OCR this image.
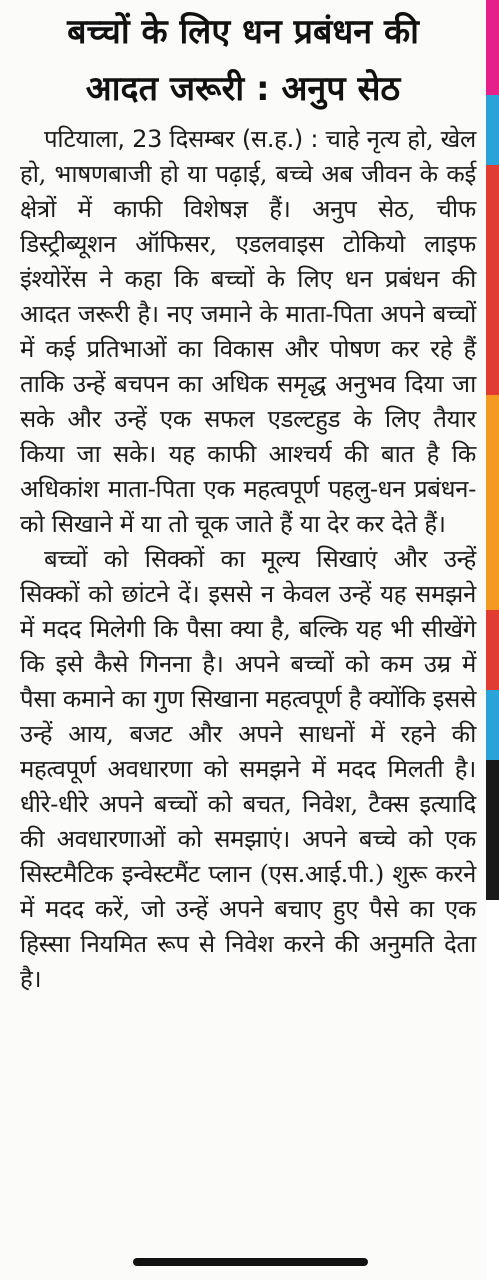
बच्चों के लिए धन प्रबंधन की
आदत जरूरी : अनुप सेठ

पटियाला, 23 दिसम्बर (स.ह.) : चाहे नृत्य हो, खेल हो, भाषणबाजी हो या पढ़ाई, बच्चे अब जीवन के कई क्षेत्रों में काफी विशेषज्ञ हैं। अनुप सेठ, चीफ डिस्ट्रीब्यूशन ऑफिसर, एडलवाइस टोकियो लाइफ इंश्योरेंस ने कहा कि बच्चों के लिए धन प्रबंधन की आदत जरूरी है। नए जमाने के माता-पिता अपने बच्चों में कई प्रतिभाओं का विकास और पोषण कर रहे हैं ताकि उन्हें बचपन का अधिक समृद्ध अनुभव दिया जा सके और उन्हें एक सफल एडल्टहुड के लिए तैयार किया जा सके। यह काफी आश्चर्य की बात है कि अधिकांश माता-पिता एक महत्वपूर्ण पहलु-धन प्रबंधन- को सिखाने में या तो चूक जाते हैं या देर कर देते हैं।

बच्चों को सिक्कों का मूल्य सिखाएं और उन्हें सिक्कों को छांटने दें। इससे न केवल उन्हें यह समझने में मदद मिलेगी कि पैसा क्या है, बल्कि यह भी सीखेंगे कि इसे कैसे गिनना है। अपने बच्चों को कम उम्र में पैसा कमाने का गुण सिखाना महत्वपूर्ण है क्योंकि इससे उन्हें आय, बजट और अपने साधनों में रहने की महत्वपूर्ण अवधारणा को समझने में मदद मिलती है। धीरे-धीरे अपने बच्चों को बचत, निवेश, टैक्स इत्यादि की अवधारणाओं को समझाएं। अपने बच्चे को एक सिस्टमैटिक इन्वेस्टमैंट प्लान (एस.आई.पी.) शुरू करने में मदद करें, जो उन्हें अपने बचाए हुए पैसे का एक हिस्सा नियमित रूप से निवेश करने की अनुमति देता है।
